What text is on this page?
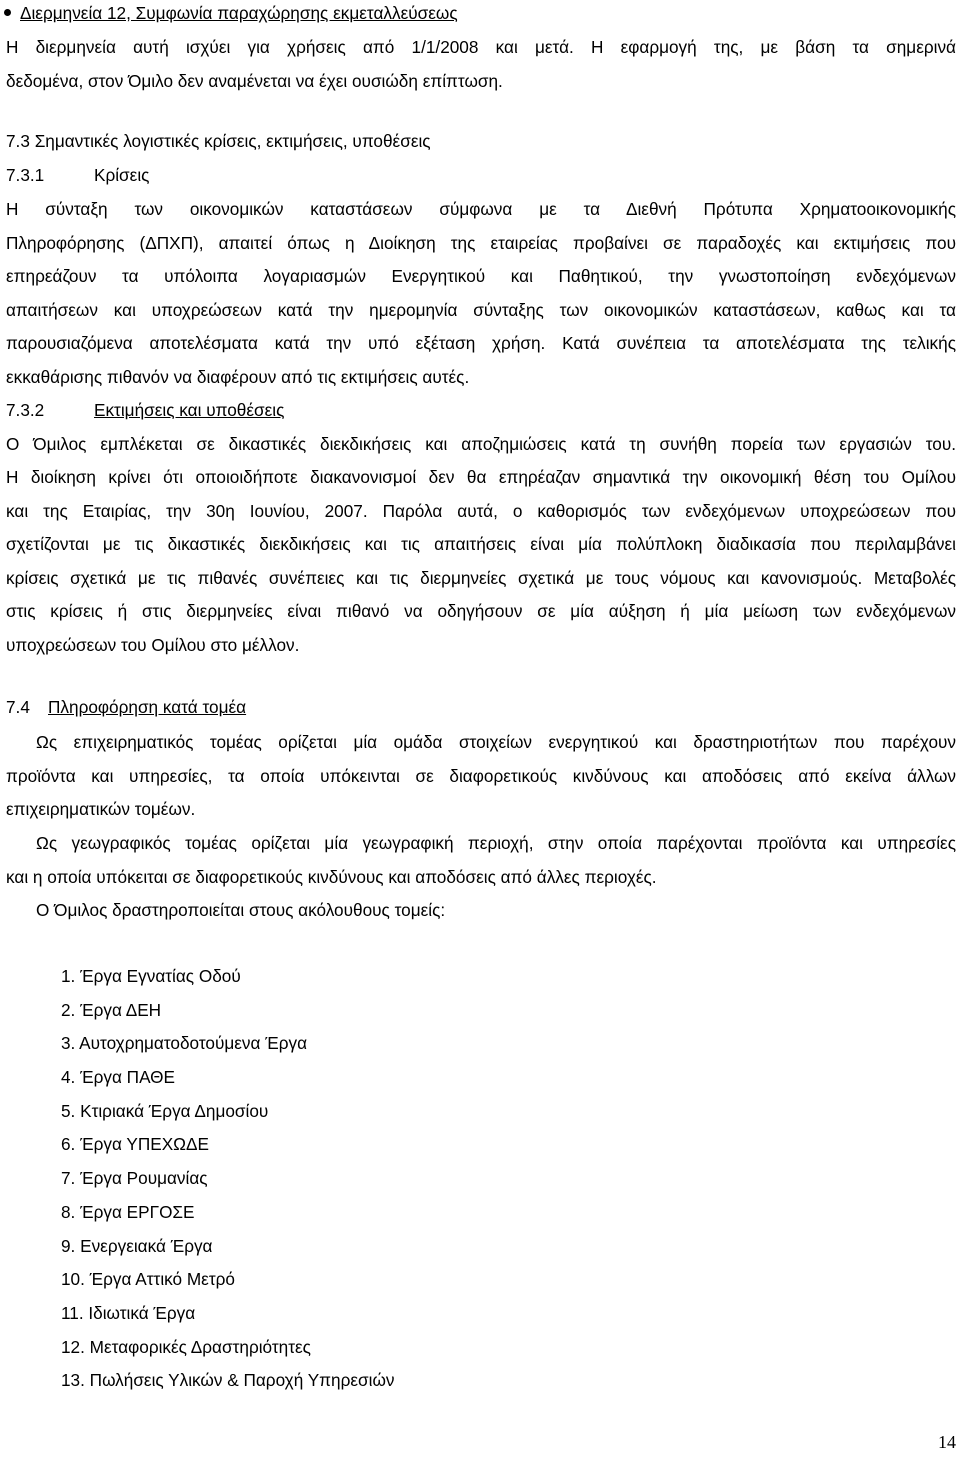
Διερμηνεία 12, Συμφωνία παραχώρησης εκμεταλλεύσεως
Η διερμηνεία αυτή ισχύει για χρήσεις από 1/1/2008 και μετά. Η εφαρμογή της, με βάση τα σημερινά
δεδομένα, στον Όμιλο δεν αναμένεται να έχει ουσιώδη επίπτωση.
7.3 Σημαντικές λογιστικές κρίσεις, εκτιμήσεις, υποθέσεις
7.3.1	Κρίσεις
Η σύνταξη των οικονομικών καταστάσεων σύμφωνα με τα Διεθνή Πρότυπα Χρηματοοικονομικής
Πληροφόρησης (ΔΠΧΠ), απαιτεί όπως η Διοίκηση της εταιρείας προβαίνει σε παραδοχές και εκτιμήσεις που
επηρεάζουν τα υπόλοιπα λογαριασμών Ενεργητικού και Παθητικού, την γνωστοποίηση ενδεχόμενων
απαιτήσεων και υποχρεώσεων κατά την ημερομηνία σύνταξης των οικονομικών καταστάσεων, καθως και τα
παρουσιαζόμενα αποτελέσματα κατά την υπό εξέταση χρήση. Κατά συνέπεια τα αποτελέσματα της τελικής
εκκαθάρισης πιθανόν να διαφέρουν από τις εκτιμήσεις αυτές.
7.3.2	Εκτιμήσεις και υποθέσεις
Ο Όμιλος εμπλέκεται σε δικαστικές διεκδικήσεις και αποζημιώσεις κατά τη συνήθη πορεία των εργασιών του.
Η διοίκηση κρίνει ότι οποιοιδήποτε διακανονισμοί δεν θα επηρέαζαν σημαντικά την οικονομική θέση του Ομίλου
και της Εταιρίας, την 30η Ιουνίου, 2007. Παρόλα αυτά, ο καθορισμός των ενδεχόμενων υποχρεώσεων που
σχετίζονται με τις δικαστικές διεκδικήσεις και τις απαιτήσεις είναι μία πολύπλοκη διαδικασία που περιλαμβάνει
κρίσεις σχετικά με τις πιθανές συνέπειες και τις διερμηνείες σχετικά με τους νόμους και κανονισμούς. Μεταβολές
στις κρίσεις ή στις διερμηνείες είναι πιθανό να οδηγήσουν σε μία αύξηση ή μία μείωση των ενδεχόμενων
υποχρεώσεων του Ομίλου στο μέλλον.
7.4 Πληροφόρηση κατά τομέα
Ως επιχειρηματικός τομέας ορίζεται μία ομάδα στοιχείων ενεργητικού και δραστηριοτήτων που παρέχουν
προϊόντα και υπηρεσίες, τα οποία υπόκεινται σε διαφορετικούς κινδύνους και αποδόσεις από εκείνα άλλων
επιχειρηματικών τομέων.
Ως γεωγραφικός τομέας ορίζεται μία γεωγραφική περιοχή, στην οποία παρέχονται προϊόντα και υπηρεσίες
και η οποία υπόκειται σε διαφορετικούς κινδύνους και αποδόσεις από άλλες περιοχές.
Ο Όμιλος δραστηροποιείται στους ακόλουθους τομείς:
1. Έργα Εγνατίας Οδού
2. Έργα ΔΕΗ
3. Αυτοχρηματοδοτούμενα Έργα
4. Έργα ΠΑΘΕ
5. Κτιριακά Έργα Δημοσίου
6. Έργα ΥΠΕΧΩΔΕ
7. Έργα Ρουμανίας
8. Έργα ΕΡΓΟΣΕ
9. Ενεργειακά Έργα
10. Έργα Αττικό Μετρό
11. Ιδιωτικά Έργα
12. Μεταφορικές Δραστηριότητες
13. Πωλήσεις Υλικών & Παροχή Υπηρεσιών
14
